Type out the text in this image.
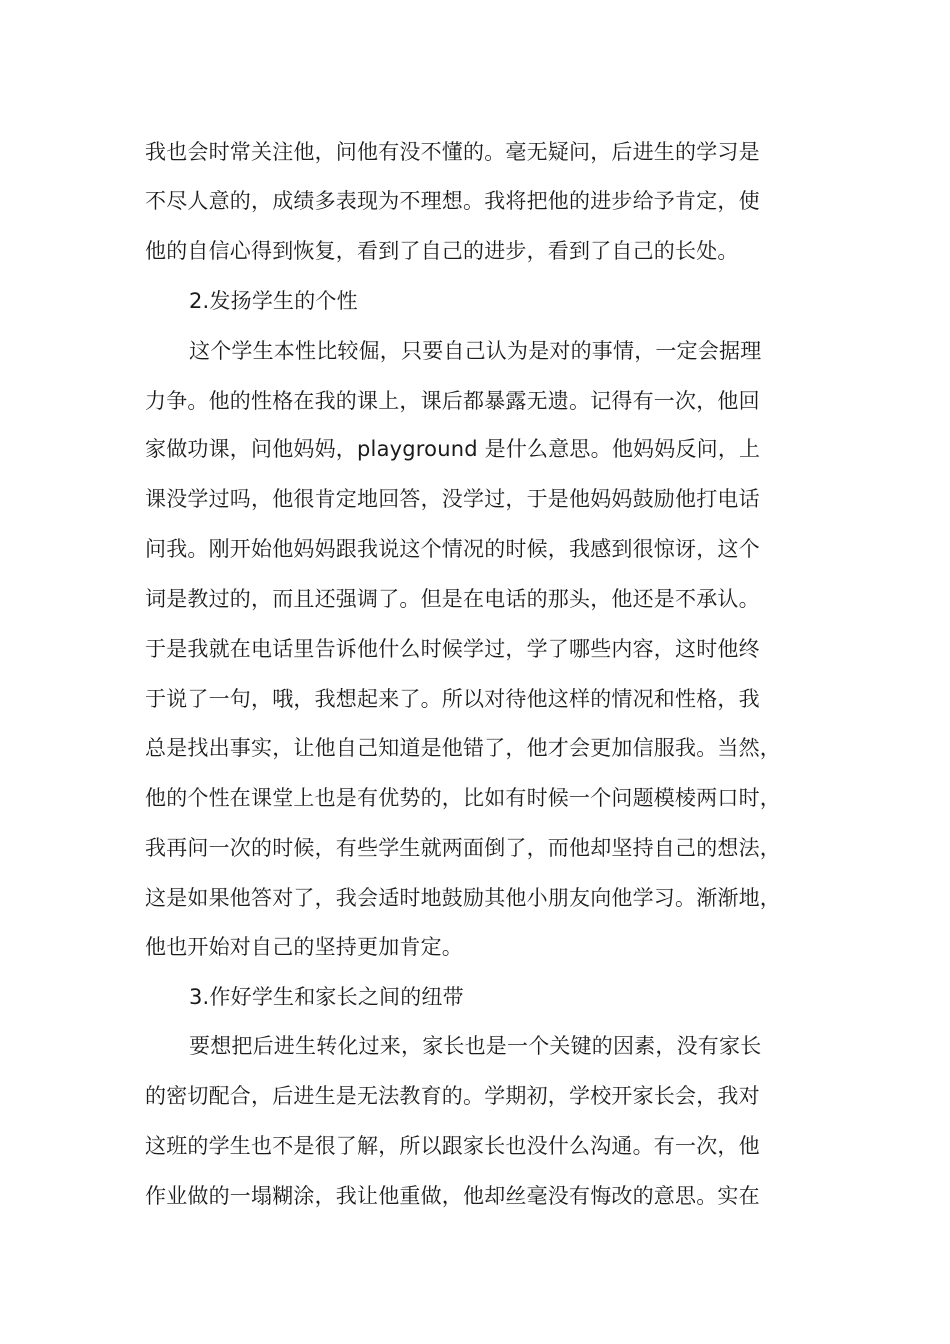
我也会时常关注他，问他有没不懂的。毫无疑问，后进生的学习是
不尽人意的，成绩多表现为不理想。我将把他的进步给予肯定，使
他的自信心得到恢复，看到了自己的进步，看到了自己的长处。
2.发扬学生的个性
这个学生本性比较倔，只要自己认为是对的事情，一定会据理
力争。他的性格在我的课上，课后都暴露无遗。记得有一次，他回
家做功课，问他妈妈，playground 是什么意思。他妈妈反问，上
课没学过吗，他很肯定地回答，没学过，于是他妈妈鼓励他打电话
问我。刚开始他妈妈跟我说这个情况的时候，我感到很惊讶，这个
词是教过的，而且还强调了。但是在电话的那头，他还是不承认。
于是我就在电话里告诉他什么时候学过，学了哪些内容，这时他终
于说了一句，哦，我想起来了。所以对待他这样的情况和性格，我
总是找出事实，让他自己知道是他错了，他才会更加信服我。当然，
他的个性在课堂上也是有优势的，比如有时候一个问题模棱两口时，
我再问一次的时候，有些学生就两面倒了，而他却坚持自己的想法，
这是如果他答对了，我会适时地鼓励其他小朋友向他学习。渐渐地，
他也开始对自己的坚持更加肯定。
3.作好学生和家长之间的纽带
要想把后进生转化过来，家长也是一个关键的因素，没有家长
的密切配合，后进生是无法教育的。学期初，学校开家长会，我对
这班的学生也不是很了解，所以跟家长也没什么沟通。有一次，他
作业做的一塌糊涂，我让他重做，他却丝毫没有悔改的意思。实在
